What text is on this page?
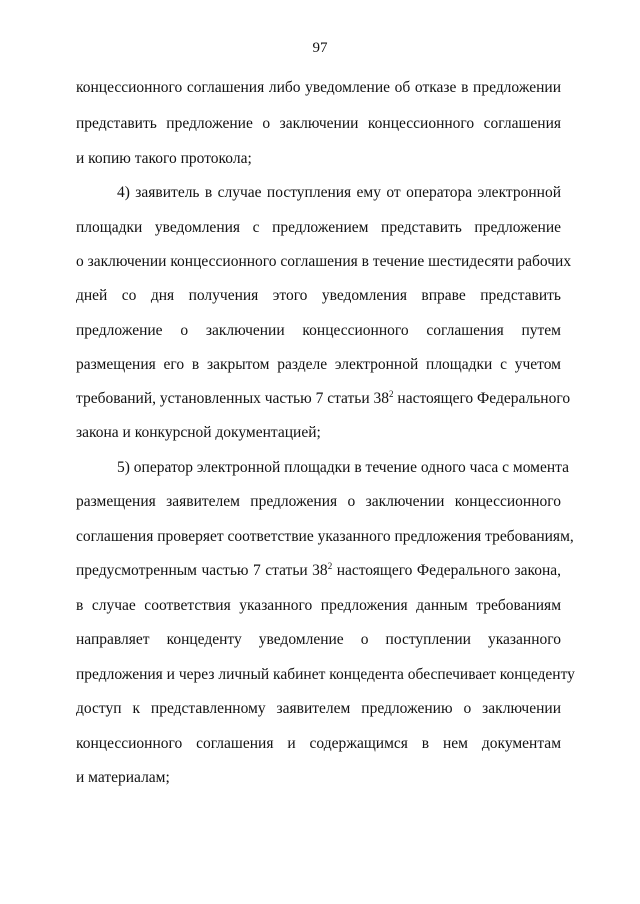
97
концессионного соглашения либо уведомление об отказе в предложении
представить предложение о заключении концессионного соглашения
и копию такого протокола;
4) заявитель в случае поступления ему от оператора электронной
площадки уведомления с предложением представить предложение
о заключении концессионного соглашения в течение шестидесяти рабочих
дней со дня получения этого уведомления вправе представить
предложение о заключении концессионного соглашения путем
размещения его в закрытом разделе электронной площадки с учетом
требований, установленных частью 7 статьи $38^2$ настоящего Федерального
закона и конкурсной документацией;
5) оператор электронной площадки в течение одного часа с момента
размещения заявителем предложения о заключении концессионного
соглашения проверяет соответствие указанного предложения требованиям,
предусмотренным частью 7 статьи $38^2$ настоящего Федерального закона,
в случае соответствия указанного предложения данным требованиям
направляет концеденту уведомление о поступлении указанного
предложения и через личный кабинет концедента обеспечивает концеденту
доступ к представленному заявителем предложению о заключении
концессионного соглашения и содержащимся в нем документам
и материалам;
